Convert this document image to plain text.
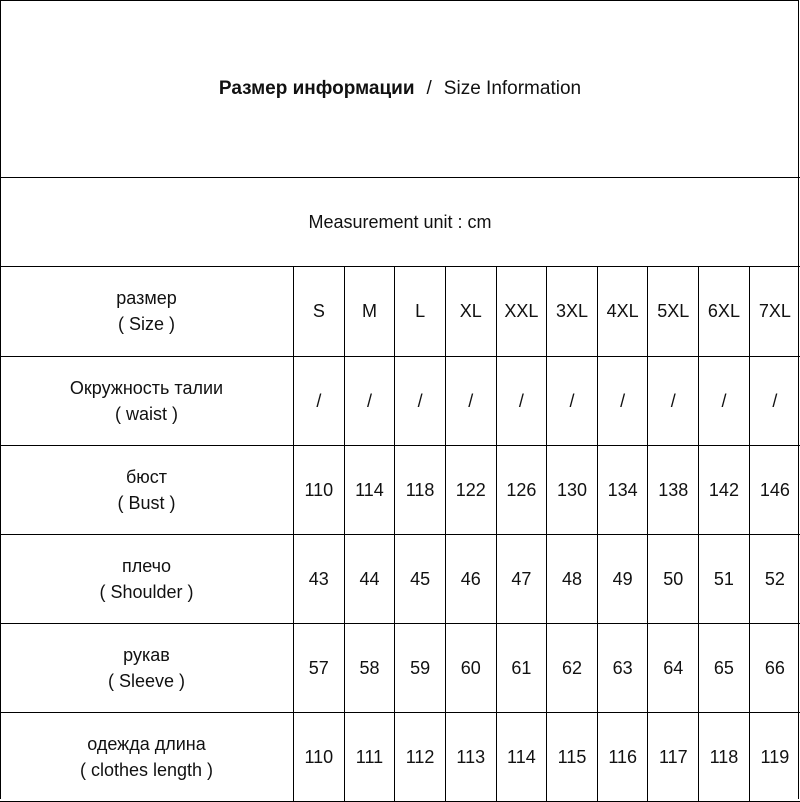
Размер информации / Size Information
Measurement unit : cm
размер
( Size )	S	M	L	XL	XXL	3XL	4XL	5XL	6XL	7XL

Окружность талии
( waist )	/	/	/	/	/	/	/	/	/	/

бюст
( Bust )	110	114	118	122	126	130	134	138	142	146

плечо
( Shoulder )	43	44	45	46	47	48	49	50	51	52

рукав
( Sleeve )	57	58	59	60	61	62	63	64	65	66

одежда длина
( clothes length )	110	111	112	113	114	115	116	117	118	119
